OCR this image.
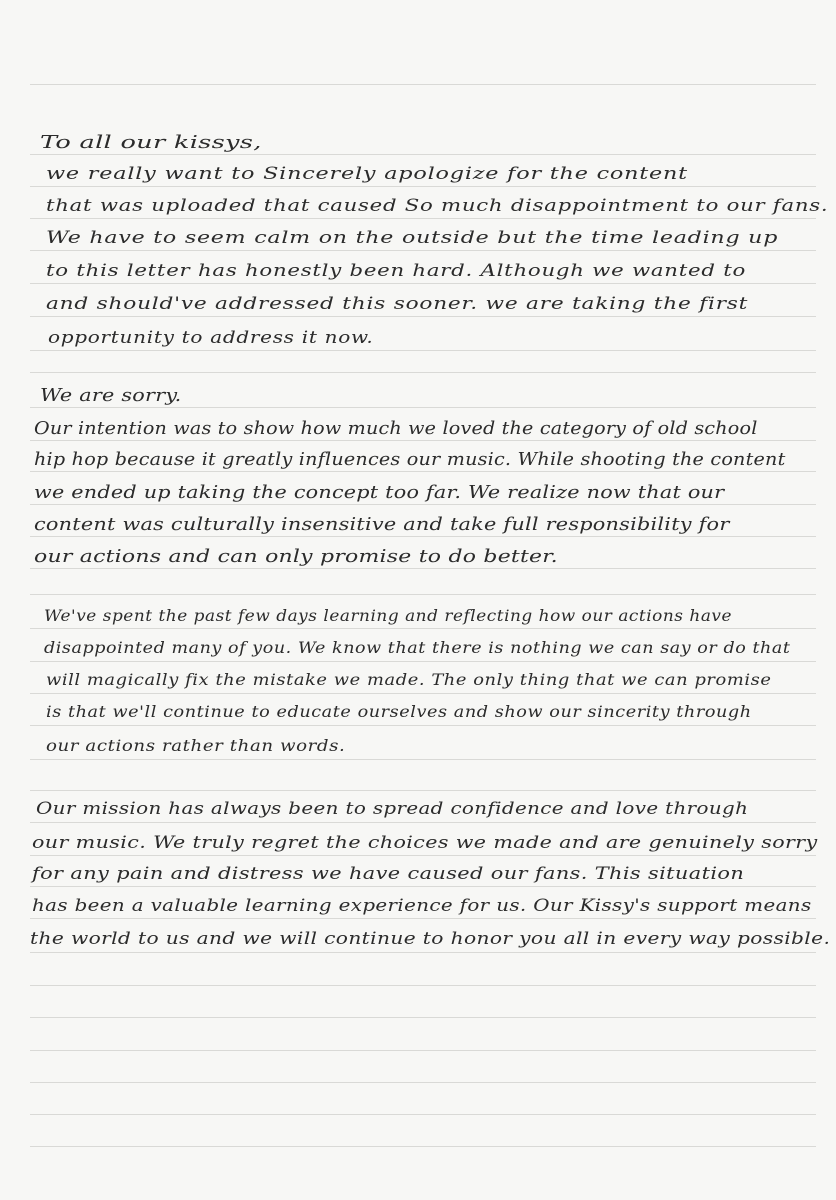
To all our kissys,
we really want to Sincerely apologize for the content
that was uploaded that caused So much disappointment to our fans.
We have to seem calm on the outside but the time leading up
to this letter has honestly been hard. Although we wanted to
and should've addressed this sooner. we are taking the first
opportunity to address it now.
We are sorry.
Our intention was to show how much we loved the category of old school
hip hop because it greatly influences our music. While shooting the content
we ended up taking the concept too far. We realize now that our
content was culturally insensitive and take full responsibility for
our actions and can only promise to do better.
We've spent the past few days learning and reflecting how our actions have
disappointed many of you. We know that there is nothing we can say or do that
will magically fix the mistake we made. The only thing that we can promise
is that we'll continue to educate ourselves and show our sincerity through
our actions rather than words.
Our mission has always been to spread confidence and love through
our music. We truly regret the choices we made and are genuinely sorry
for any pain and distress we have caused our fans. This situation
has been a valuable learning experience for us. Our Kissy's support means
the world to us and we will continue to honor you all in every way possible.
